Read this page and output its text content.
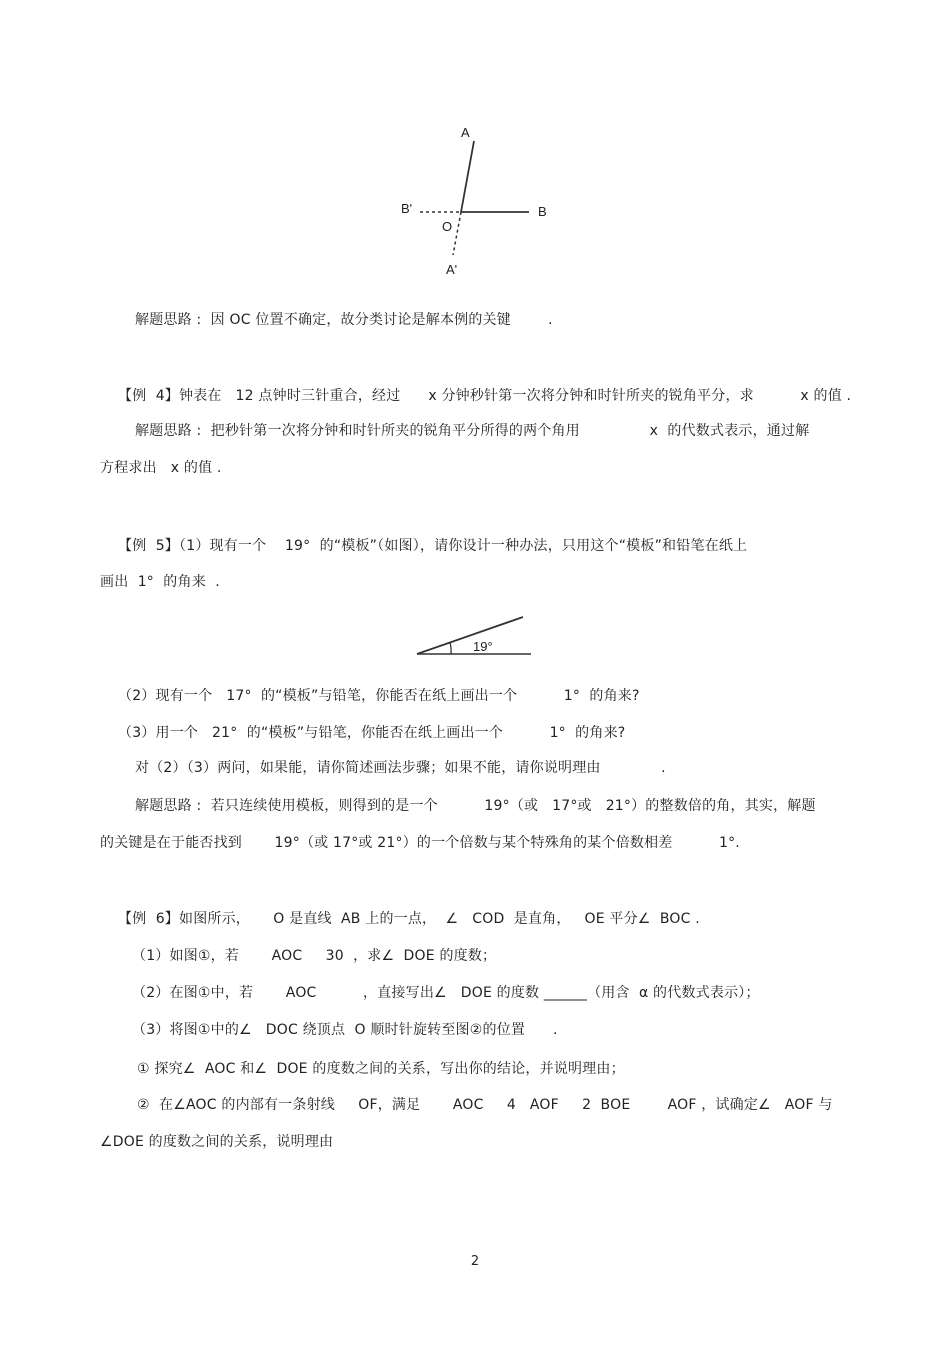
A
B
B'
O
A'
解题思路 :  因 OC 位置不确定，故分类讨论是解本例的关键        .
【例  4】钟表在   12 点钟时三针重合，经过      x 分钟秒针第一次将分钟和时针所夹的锐角平分，求          x 的值 .
解题思路 :  把秒针第一次将分钟和时针所夹的锐角平分所得的两个角用               x  的代数式表示，通过解
方程求出   x 的值 .
【例  5】（1）现有一个    19°  的“模板”（如图），请你设计一种办法，只用这个“模板”和铅笔在纸上
画出  1°  的角来  .
19°
（2）现有一个   17°  的“模板”与铅笔，你能否在纸上画出一个          1°  的角来?
（3）用一个   21°  的“模板”与铅笔，你能否在纸上画出一个          1°  的角来?
对（2）（3）两问，如果能，请你简述画法步骤；如果不能，请你说明理由             .
解题思路 :  若只连续使用模板，则得到的是一个          19°（或   17°或   21°）的整数倍的角，其实，解题
的关键是在于能否找到       19°（或 17°或 21°）的一个倍数与某个特殊角的某个倍数相差          1°.
【例  6】如图所示，     O 是直线  AB 上的一点，  ∠   COD  是直角，   OE 平分∠  BOC .
（1）如图①，若       AOC     30  ，求∠  DOE 的度数；
（2）在图①中，若       AOC          ，直接写出∠   DOE 的度数 ______（用含  α 的代数式表示）；
（3）将图①中的∠   DOC 绕顶点  O 顺时针旋转至图②的位置      .
① 探究∠  AOC 和∠  DOE 的度数之间的关系，写出你的结论，并说明理由；
②  在∠AOC 的内部有一条射线     OF，满足       AOC     4   AOF     2  BOE        AOF ，试确定∠   AOF 与
∠DOE 的度数之间的关系，说明理由
2
